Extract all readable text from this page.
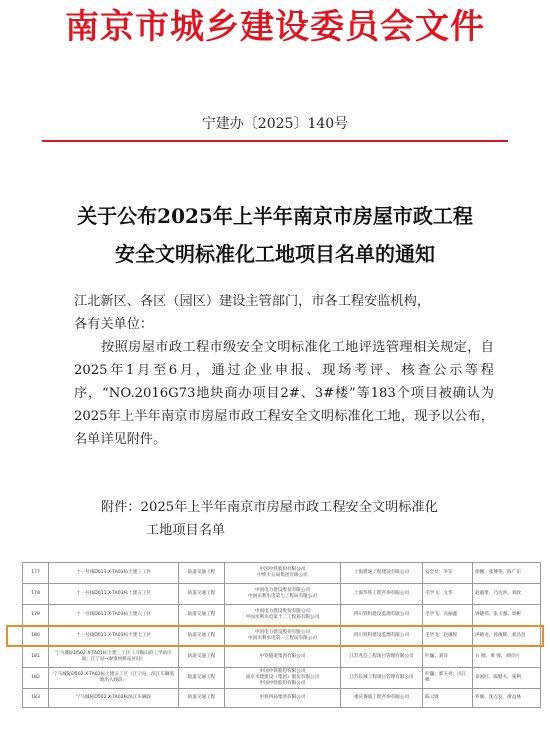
南京市城乡建设委员会文件
宁建办〔2025〕140号
关于公布2025年上半年南京市房屋市政工程
安全文明标准化工地项目名单的通知

江北新区、各区（园区）建设主管部门，市各工程安监机构，

各有关单位：

按照房屋市政工程市级安全文明标准化工地评选管理相关规定，自2025年1月至6月，通过企业申报、现场考评、核查公示等程序，“NO.2016G73地块商办项目2#、3#楼”等183个项目被确认为2025年上半年南京市房屋市政工程安全文明标准化工地，现予以公布，名单详见附件。

附件：2025年上半年南京市房屋市政工程安全文明标准化
工地项目名单
177	十一号线D011.X-TA03标土建三工区	轨道交通工程	中国中铁股份有限公司
中铁十五局集团有限公司	上海建通工程建设有限公司	安全员：李军	徐刚、张博英、陈广东
178	十一号线D011.X-TA03标土建五工区	轨道交通工程	中国电力建设股份有限公司
中国水利水电第七工程局有限公司	上海华铁工程咨询有限公司	毛学飞：文华	赵毅勇、乃达洪、刘政
179	十一号线D011.X-TA03标土建六工区	轨道交通工程	中国电力建设股份有限公司
中国水利水电第十二工程局有限公司	四川铁科建设监理有限公司	毛学飞：冯丽鑫	钟晓伟、张玉强、周彬
180	十一号线D011.X-TA03标土建七工区	轨道交通工程	中国电力建设股份有限公司
中国水利水电第一工程局有限公司	四川铁科建设监理有限公司	毛学飞：赵谦煌	洪晓龙、孙俊辉、刘昌昌
181	宁马城际D502.X-TA01标土建三工区（马鞍山段工学站区间；江宁站~秦淮河桥站区间）	轨道交通工程	中铁隧道集团有限公司	江苏兆信工程项目管理有限公司	叶巍；刘洋	方 刚、黄 强、刘同兴
182	宁马城际D502.X-TA01标土建五工区（江宁站、滨江车辆基地出入线段）	轨道交通工程	中国中铁股份有限公司
南京水建建设（集团）股份有限公司
中国中铁股份有限公司	江苏长城工程项目管理有限公司	叶巍；郭玉亮；冯江峰	章国旺、陈健夫、张利
183	宁马城际D502.X-TA02标滨江车辆段	轨道交通工程	中铁四局集团有限公司	重庆赛迪工程咨询有限公司	陈云财	乔刚、沈万发、俞益林
